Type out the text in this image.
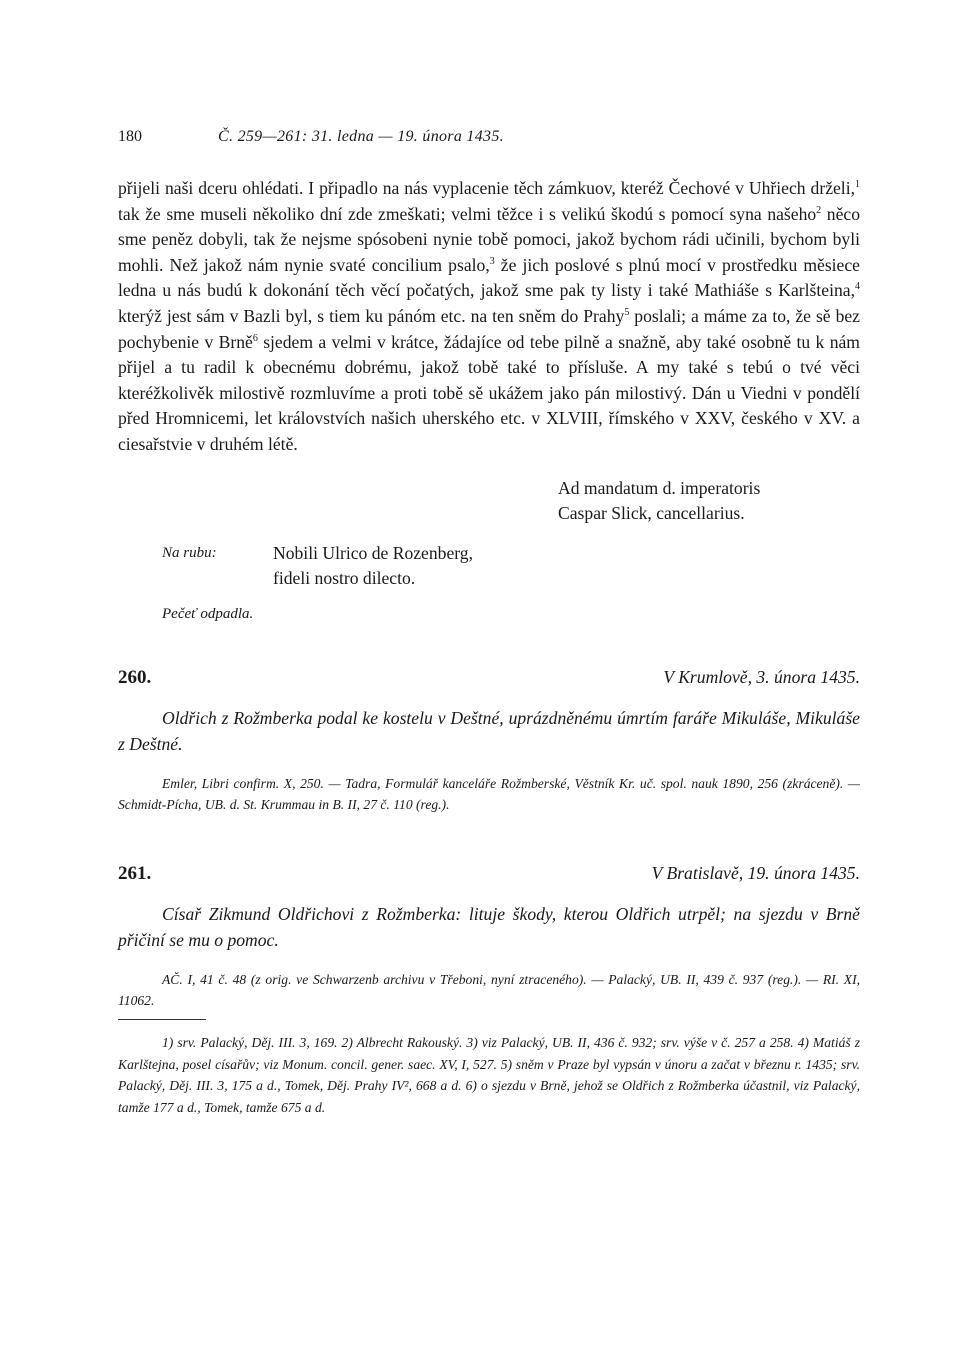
180	Č. 259—261: 31. ledna — 19. února 1435.

přijeli naši dceru ohlédati. I připadlo na nás vyplacenie těch zámkuov, kteréž Čechové v Uhřiech drželi,$^1$ tak že sme museli několiko dní zde zmeškati; velmi těžce i s velikú škodú s pomocí syna našeho$^2$ něco sme peněz dobyli, tak že nejsme spósobeni nynie tobě pomoci, jakož bychom rádi učinili, bychom byli mohli. Než jakož nám nynie svaté concilium psalo,$^3$ že jich poslové s plnú mocí v prostředku měsiece ledna u nás budú k dokonání těch věcí počatých, jakož sme pak ty listy i také Mathiáše s Karlšteina,$^4$ kterýž jest sám v Bazli byl, s tiem ku pánóm etc. na ten sněm do Prahy$^5$ poslali; a máme za to, že sě bez pochybenie v Brně$^6$ sjedem a velmi v krátce, žádajíce od tebe pilně a snažně, aby také osobně tu k nám přijel a tu radil k obecnému dobrému, jakož tobě také to přísluše. A my také s tebú o tvé věci kteréžkolivěk milostivě rozmluvíme a proti tobě sě ukážem jako pán milostivý. Dán u Viedni v pondělí před Hromnicemi, let královstvích našich uherského etc. v XLVIII, římského v XXV, českého v XV. a ciesařstvie v druhém létě.

Ad mandatum d. imperatoris
Caspar Slick, cancellarius.
Na rubu:	Nobili Ulrico de Rozenberg,
fideli nostro dilecto.
Pečeť odpadla.
260.	V Krumlově, 3. února 1435.

Oldřich z Rožmberka podal ke kostelu v Deštné, uprázdněnému úmrtím faráře Mikuláše, Mikuláše z Deštné.

Emler, Libri confirm. X, 250. — Tadra, Formulář kanceláře Rožmberské, Věstník Kr. uč. spol. nauk 1890, 256 (zkráceně). — Schmidt-Pícha, UB. d. St. Krummau in B. II, 27 č. 110 (reg.).

261.	V Bratislavě, 19. února 1435.

Císař Zikmund Oldřichovi z Rožmberka: lituje škody, kterou Oldřich utrpěl; na sjezdu v Brně přičiní se mu o pomoc.

AČ. I, 41 č. 48 (z orig. ve Schwarzenb archivu v Třeboni, nyní ztraceného). — Palacký, UB. II, 439 č. 937 (reg.). — RI. XI, 11062.

1) srv. Palacký, Děj. III. 3, 169. 2) Albrecht Rakouský. 3) viz Palacký, UB. II, 436 č. 932; srv. výše v č. 257 a 258. 4) Matiáš z Karlštejna, posel císařův; viz Monum. concil. gener. saec. XV, I, 527. 5) sněm v Praze byl vypsán v únoru a začat v březnu r. 1435; srv. Palacký, Děj. III. 3, 175 a d., Tomek, Děj. Prahy IV², 668 a d. 6) o sjezdu v Brně, jehož se Oldřich z Rožmberka účastnil, viz Palacký, tamže 177 a d., Tomek, tamže 675 a d.
